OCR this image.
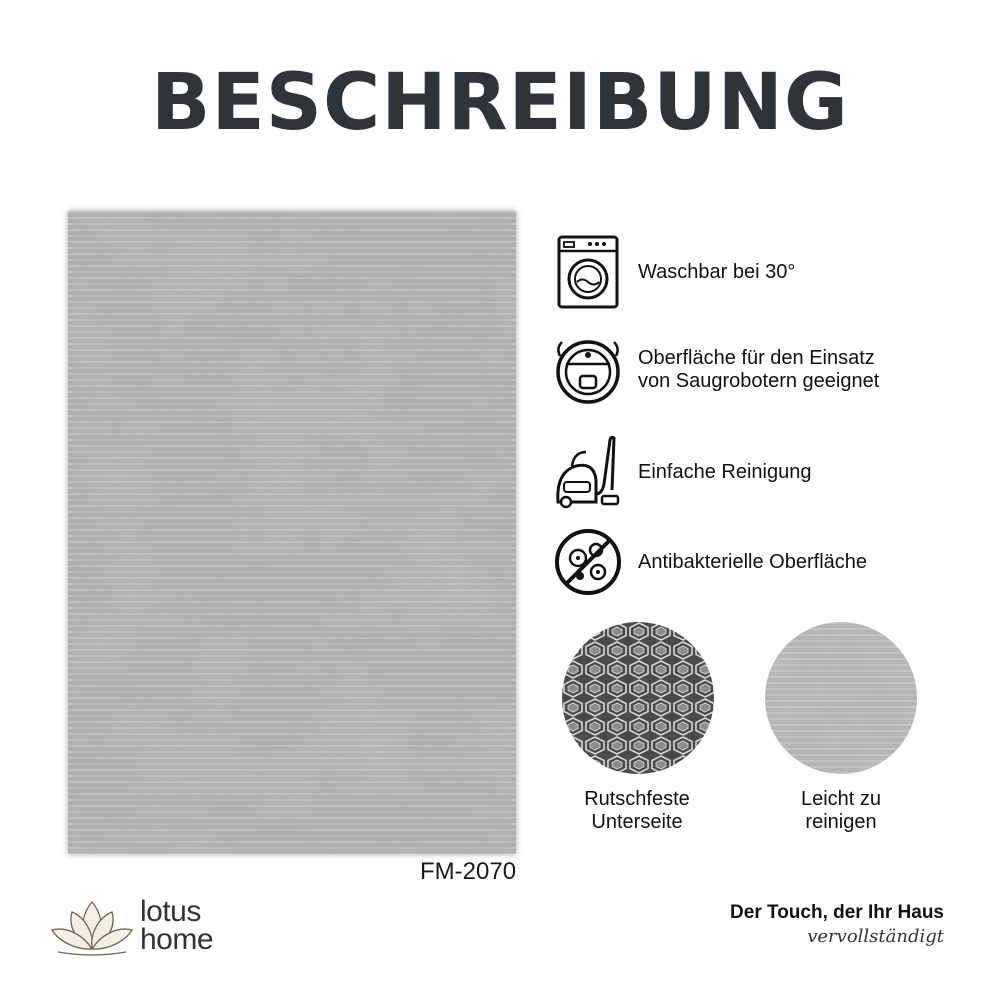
BESCHREIBUNG
FM-2070
Waschbar bei 30°
Oberfläche für den Einsatz
von Saugrobotern geeignet
Einfache Reinigung
Antibakterielle Oberfläche
Rutschfeste
Unterseite
Leicht zu
reinigen
lotus
home
Der Touch, der Ihr Haus
vervollständigt
